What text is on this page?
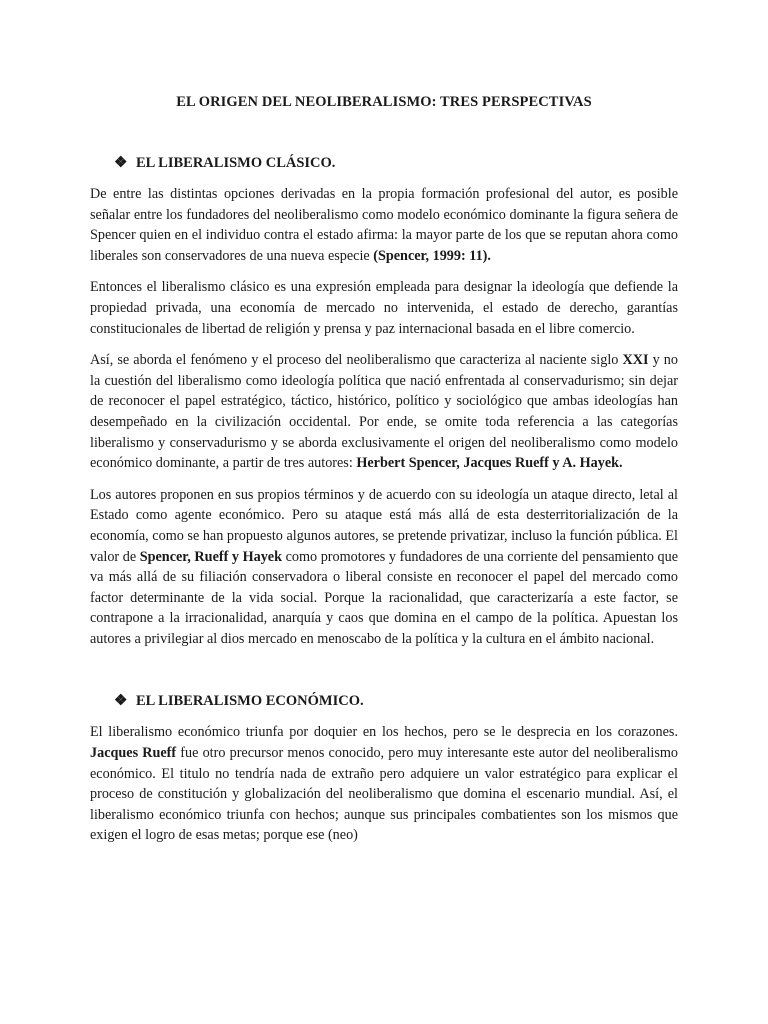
EL ORIGEN DEL NEOLIBERALISMO: TRES PERSPECTIVAS
❖ EL LIBERALISMO CLÁSICO.

De entre las distintas opciones derivadas en la propia formación profesional del autor, es posible señalar entre los fundadores del neoliberalismo como modelo económico dominante la figura señera de Spencer quien en el individuo contra el estado afirma: la mayor parte de los que se reputan ahora como liberales son conservadores de una nueva especie (Spencer, 1999: 11).

Entonces el liberalismo clásico es una expresión empleada para designar la ideología que defiende la propiedad privada, una economía de mercado no intervenida, el estado de derecho, garantías constitucionales de libertad de religión y prensa y paz internacional basada en el libre comercio.

Así, se aborda el fenómeno y el proceso del neoliberalismo que caracteriza al naciente siglo XXI y no la cuestión del liberalismo como ideología política que nació enfrentada al conservadurismo; sin dejar de reconocer el papel estratégico, táctico, histórico, político y sociológico que ambas ideologías han desempeñado en la civilización occidental. Por ende, se omite toda referencia a las categorías liberalismo y conservadurismo y se aborda exclusivamente el origen del neoliberalismo como modelo económico dominante, a partir de tres autores: Herbert Spencer, Jacques Rueff y A. Hayek.

Los autores proponen en sus propios términos y de acuerdo con su ideología un ataque directo, letal al Estado como agente económico. Pero su ataque está más allá de esta desterritorialización de la economía, como se han propuesto algunos autores, se pretende privatizar, incluso la función pública. El valor de Spencer, Rueff y Hayek como promotores y fundadores de una corriente del pensamiento que va más allá de su filiación conservadora o liberal consiste en reconocer el papel del mercado como factor determinante de la vida social. Porque la racionalidad, que caracterizaría a este factor, se contrapone a la irracionalidad, anarquía y caos que domina en el campo de la política. Apuestan los autores a privilegiar al dios mercado en menoscabo de la política y la cultura en el ámbito nacional.

❖ EL LIBERALISMO ECONÓMICO.

El liberalismo económico triunfa por doquier en los hechos, pero se le desprecia en los corazones. Jacques Rueff fue otro precursor menos conocido, pero muy interesante este autor del neoliberalismo económico. El titulo no tendría nada de extraño pero adquiere un valor estratégico para explicar el proceso de constitución y globalización del neoliberalismo que domina el escenario mundial. Así, el liberalismo económico triunfa con hechos; aunque sus principales combatientes son los mismos que exigen el logro de esas metas; porque ese (neo)
